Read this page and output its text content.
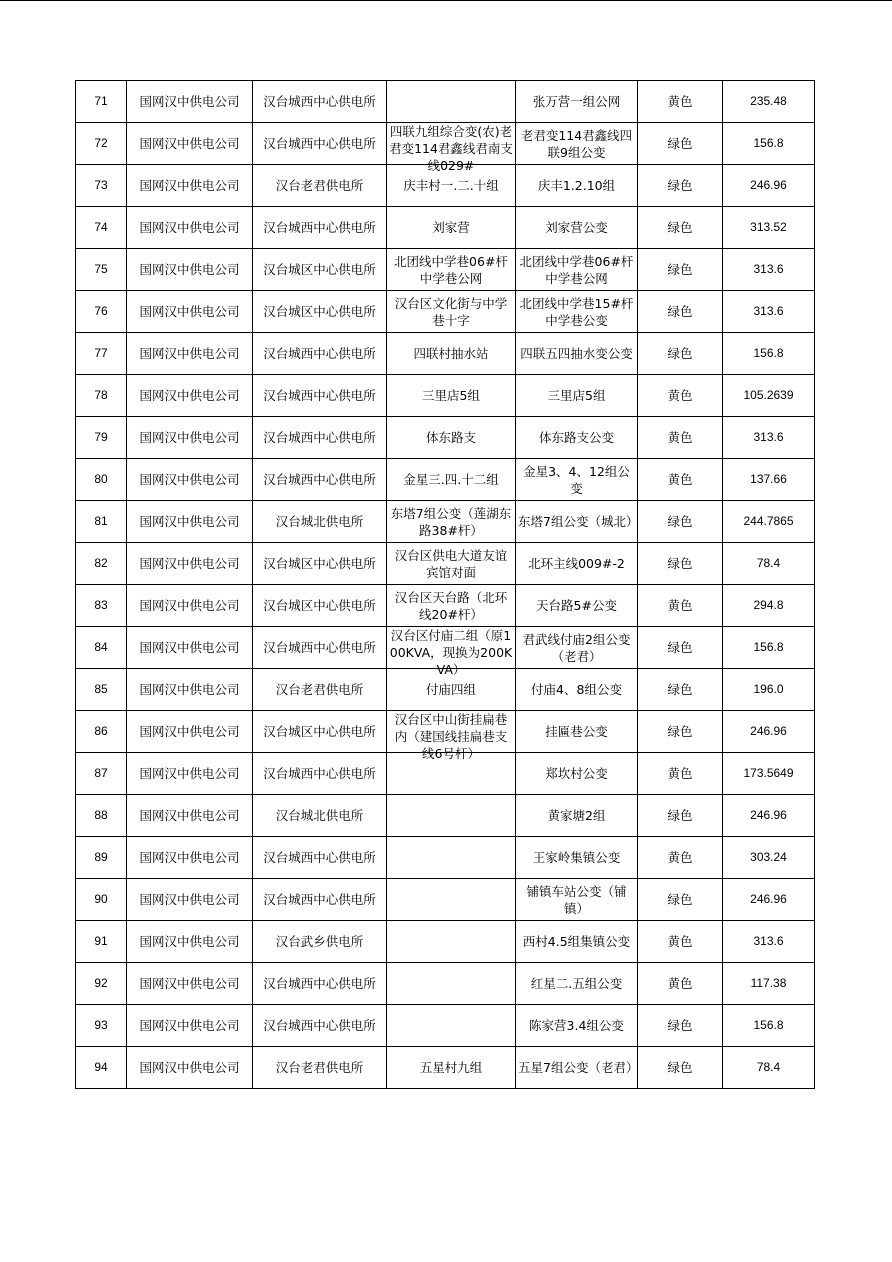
71	国网汉中供电公司	汉台城西中心供电所		张万营一组公网	黄色	235.48

72	国网汉中供电公司	汉台城西中心供电所	四联九组综合变(农)老君变114君鑫线君南支线029#	老君变114君鑫线四联9组公变	绿色	156.8

73	国网汉中供电公司	汉台老君供电所	庆丰村一.二.十组	庆丰1.2.10组	绿色	246.96

74	国网汉中供电公司	汉台城西中心供电所	刘家营	刘家营公变	绿色	313.52

75	国网汉中供电公司	汉台城区中心供电所	北团线中学巷06#杆中学巷公网	北团线中学巷06#杆中学巷公网	绿色	313.6

76	国网汉中供电公司	汉台城区中心供电所	汉台区文化街与中学巷十字	北团线中学巷15#杆中学巷公变	绿色	313.6

77	国网汉中供电公司	汉台城西中心供电所	四联村抽水站	四联五四抽水变公变	绿色	156.8

78	国网汉中供电公司	汉台城西中心供电所	三里店5组	三里店5组	黄色	105.2639

79	国网汉中供电公司	汉台城西中心供电所	体东路支	体东路支公变	黄色	313.6

80	国网汉中供电公司	汉台城西中心供电所	金星三.四.十二组	金星3、4、12组公变	黄色	137.66

81	国网汉中供电公司	汉台城北供电所	东塔7组公变（莲湖东路38#杆）	东塔7组公变（城北）	绿色	244.7865

82	国网汉中供电公司	汉台城区中心供电所	汉台区供电大道友谊宾馆对面	北环主线009#-2	绿色	78.4

83	国网汉中供电公司	汉台城区中心供电所	汉台区天台路（北环线20#杆）	天台路5#公变	黄色	294.8

84	国网汉中供电公司	汉台城西中心供电所	汉台区付庙二组（原100KVA，现换为200KVA）	君武线付庙2组公变（老君）	绿色	156.8

85	国网汉中供电公司	汉台老君供电所	付庙四组	付庙4、8组公变	绿色	196.0

86	国网汉中供电公司	汉台城区中心供电所	汉台区中山街挂扁巷内（建国线挂扁巷支线6号杆）	挂匾巷公变	绿色	246.96

87	国网汉中供电公司	汉台城西中心供电所		郑坎村公变	黄色	173.5649

88	国网汉中供电公司	汉台城北供电所		黄家塘2组	绿色	246.96

89	国网汉中供电公司	汉台城西中心供电所		王家岭集镇公变	黄色	303.24

90	国网汉中供电公司	汉台城西中心供电所		铺镇车站公变（铺镇）	绿色	246.96

91	国网汉中供电公司	汉台武乡供电所		西村4.5组集镇公变	黄色	313.6

92	国网汉中供电公司	汉台城西中心供电所		红星二.五组公变	黄色	117.38

93	国网汉中供电公司	汉台城西中心供电所		陈家营3.4组公变	绿色	156.8

94	国网汉中供电公司	汉台老君供电所	五星村九组	五星7组公变（老君）	绿色	78.4
